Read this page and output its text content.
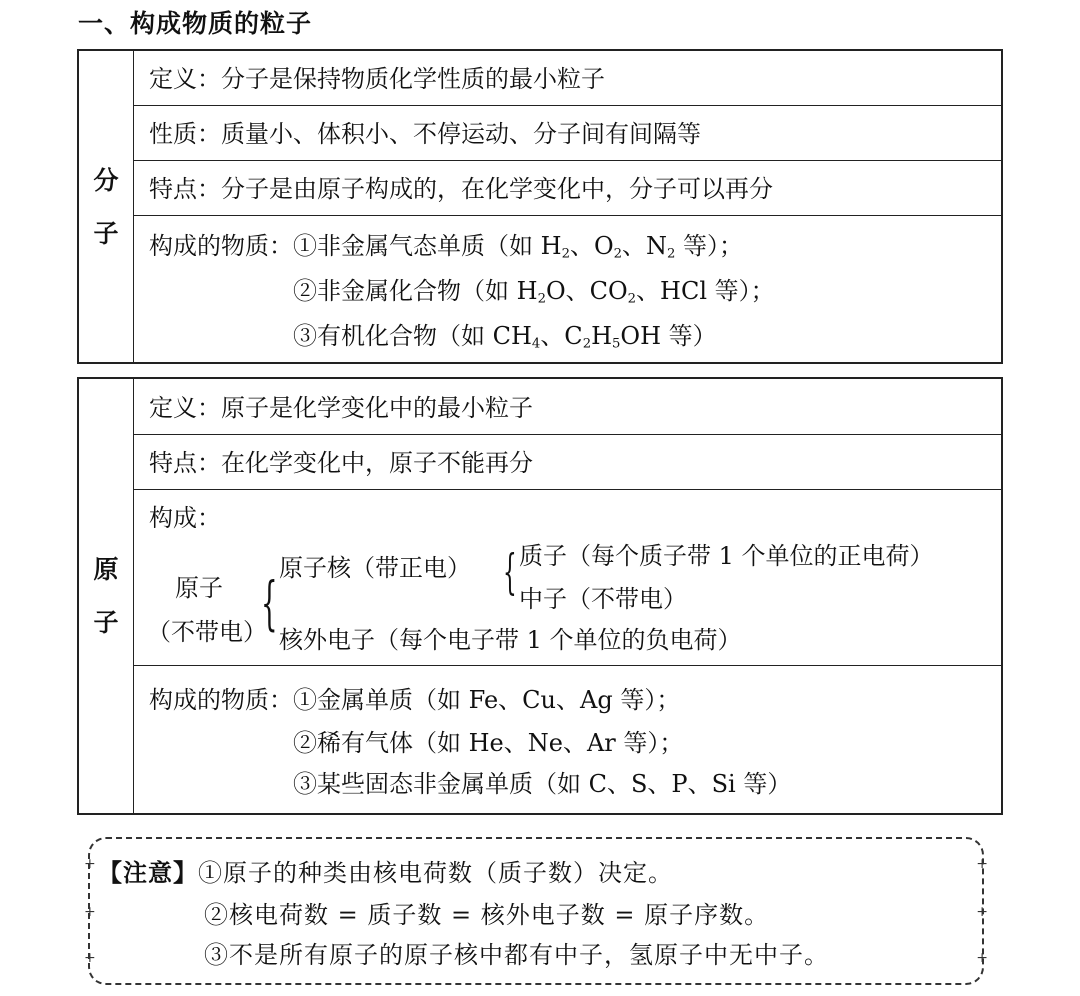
一、构成物质的粒子
分
子
定义：分子是保持物质化学性质的最小粒子
性质：质量小、体积小、不停运动、分子间有间隔等
特点：分子是由原子构成的，在化学变化中，分子可以再分
构成的物质： ①非金属气态单质（如 $H_2$、$O_2$、$N_2$ 等）；
②非金属化合物（如 $H_2O$、$CO_2$、HCl 等）；
③有机化合物（如 $CH_4$、$C_2H_5OH$ 等）
原
子
定义：原子是化学变化中的最小粒子
特点：在化学变化中，原子不能再分
构成：
原子
（不带电）
{
原子核（带正电） { 质子（每个质子带 1 个单位的正电荷）
中子（不带电）
核外电子（每个电子带 1 个单位的负电荷）
构成的物质： ①金属单质（如 Fe、Cu、Ag 等）；
②稀有气体（如 He、Ne、Ar 等）；
③某些固态非金属单质（如 C、S、P、Si 等）
+
+
+
+
+
+
【注意】①原子的种类由核电荷数（质子数）决定。
②核电荷数 = 质子数 = 核外电子数 = 原子序数。
③不是所有原子的原子核中都有中子，氢原子中无中子。
